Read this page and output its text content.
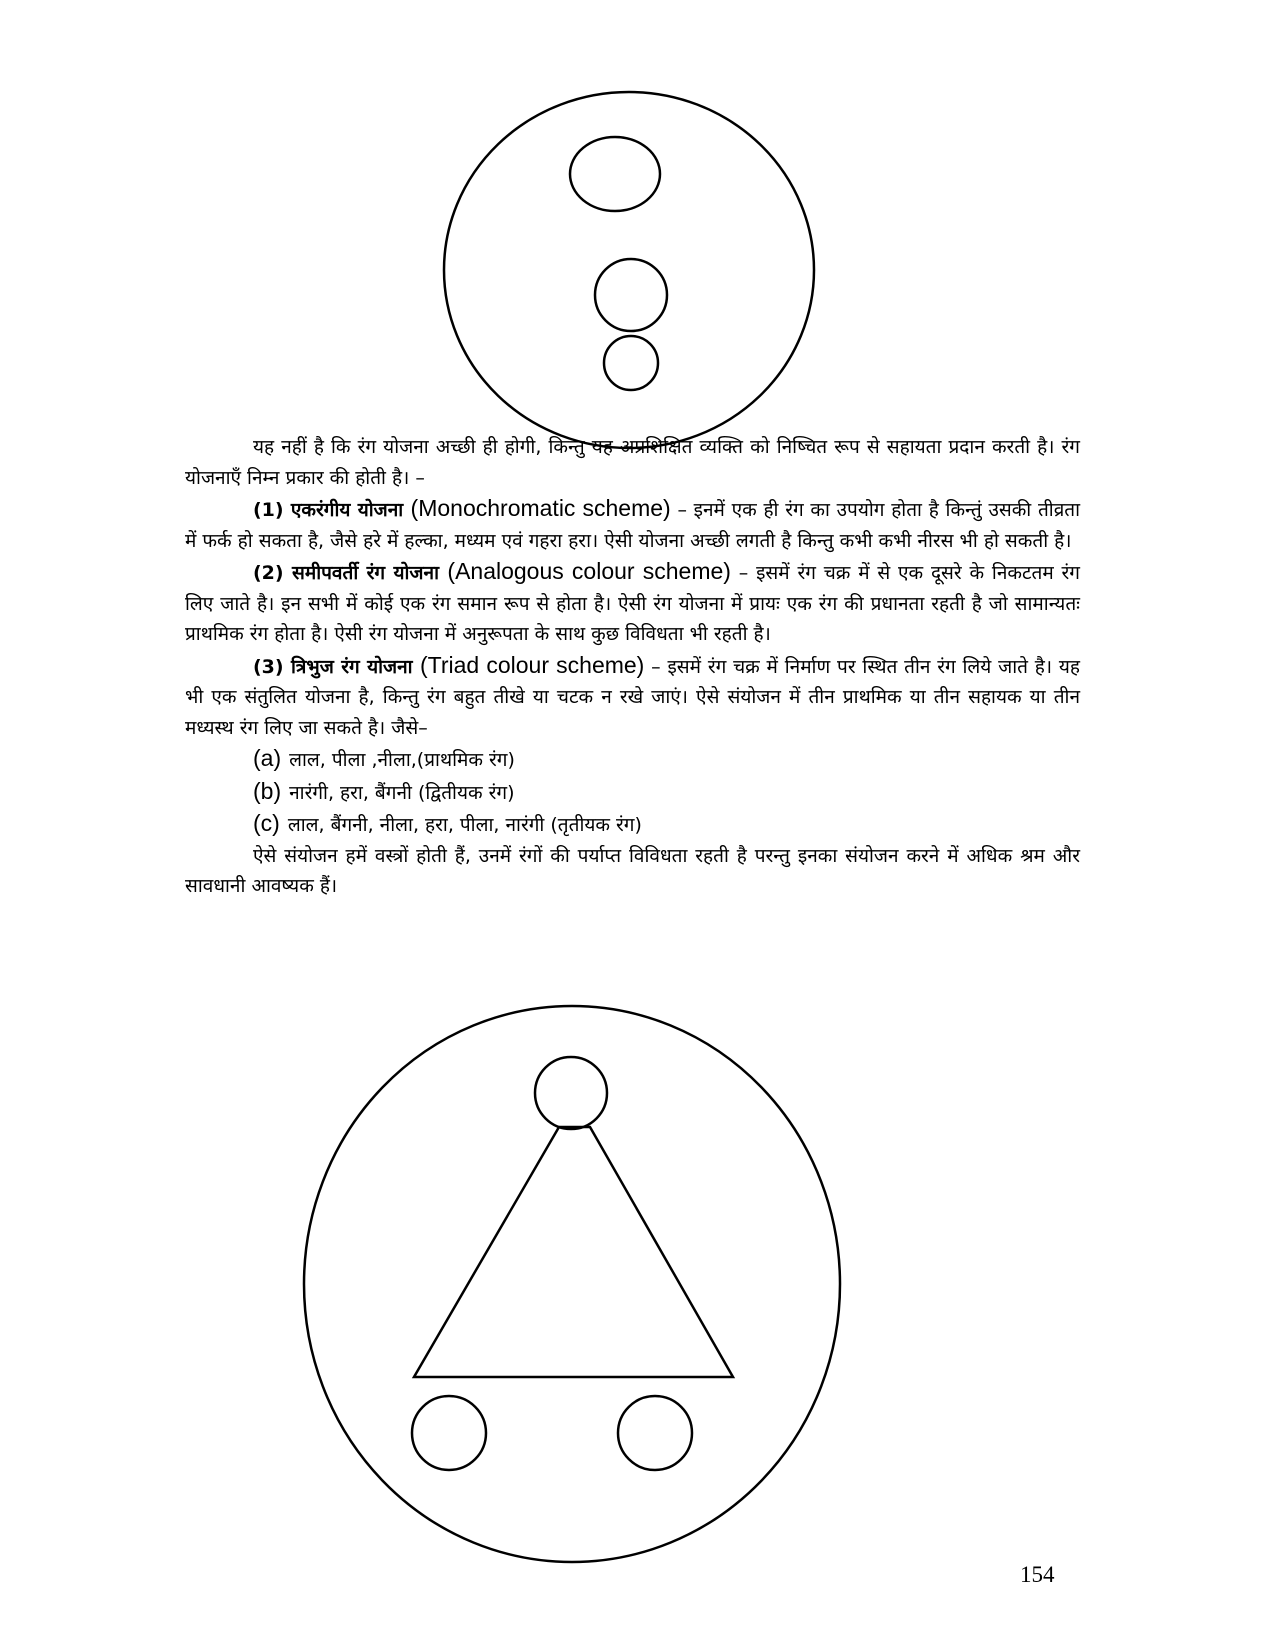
यह नहीं है कि रंग योजना अच्छी ही होगी, किन्तु यह अप्रशिक्षित व्यक्ति को निष्चित रूप से सहायता प्रदान करती है। रंग योजनाएँ निम्न प्रकार की होती है। –

(1) एकरंगीय योजना (Monochromatic scheme) – इनमें एक ही रंग का उपयोग होता है किन्तुं उसकी तीव्रता में फर्क हो सकता है, जैसे हरे में हल्का, मध्यम एवं गहरा हरा। ऐसी योजना अच्छी लगती है किन्तु कभी कभी नीरस भी हो सकती है।

(2) समीपवर्ती रंग योजना (Analogous colour scheme) – इसमें रंग चक्र में से एक दूसरे के निकटतम रंग लिए जाते है। इन सभी में कोई एक रंग समान रूप से होता है। ऐसी रंग योजना में प्रायः एक रंग की प्रधानता रहती है जो सामान्यतः प्राथमिक रंग होता है। ऐसी रंग योजना में अनुरूपता के साथ कुछ विविधता भी रहती है।

(3) त्रिभुज रंग योजना (Triad colour scheme) – इसमें रंग चक्र में निर्माण पर स्थित तीन रंग लिये जाते है। यह भी एक संतुलित योजना है, किन्तु रंग बहुत तीखे या चटक न रखे जाएं। ऐसे संयोजन में तीन प्राथमिक या तीन सहायक या तीन मध्यस्थ रंग लिए जा सकते है। जैसे–

(a) लाल, पीला ,नीला,(प्राथमिक रंग)
(b) नारंगी, हरा, बैंगनी (द्वितीयक रंग)
(c) लाल, बैंगनी, नीला, हरा, पीला, नारंगी (तृतीयक रंग)

ऐसे संयोजन हमें वस्त्रों होती हैं, उनमें रंगों की पर्याप्त विविधता रहती है परन्तु इनका संयोजन करने में अधिक श्रम और सावधानी आवष्यक हैं।

154
